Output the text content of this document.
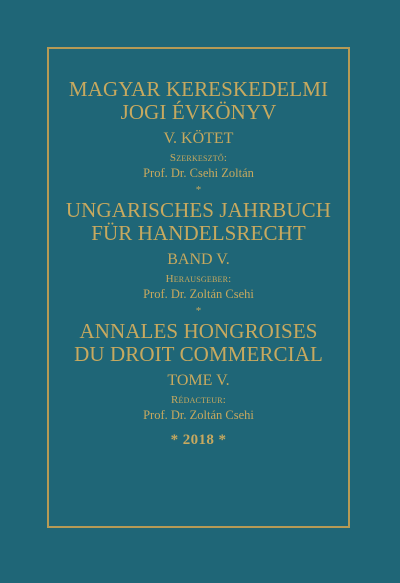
MAGYAR KERESKEDELMI
JOGI ÉVKÖNYV
V. KÖTET
Szerkesztő:
Prof. Dr. Csehi Zoltán
*
UNGARISCHES JAHRBUCH
FÜR HANDELSRECHT
BAND V.
Herausgeber:
Prof. Dr. Zoltán Csehi
*
ANNALES HONGROISES
DU DROIT COMMERCIAL
TOME V.
Rédacteur:
Prof. Dr. Zoltán Csehi
* 2018 *
